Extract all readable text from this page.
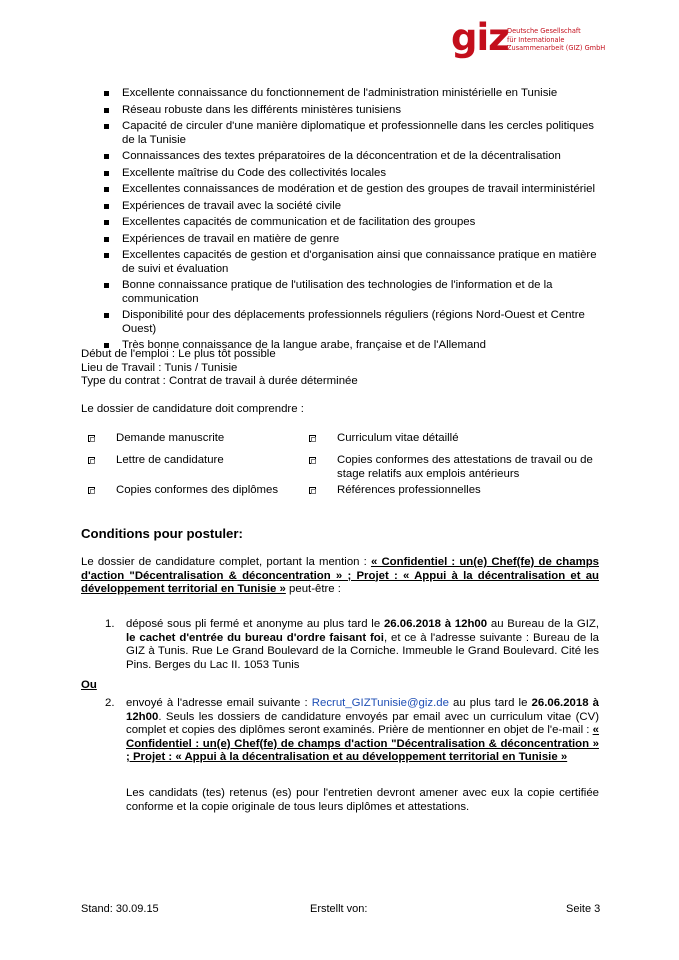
giz
Deutsche Gesellschaft
für Internationale
Zusammenarbeit (GIZ) GmbH
Excellente connaissance du fonctionnement de l'administration ministérielle en Tunisie
Réseau robuste dans les différents ministères tunisiens
Capacité de circuler d'une manière diplomatique et professionnelle dans les cercles politiques de la Tunisie
Connaissances des textes préparatoires de la déconcentration et de la décentralisation
Excellente maîtrise du Code des collectivités locales
Excellentes connaissances de modération et de gestion des groupes de travail interministériel
Expériences de travail avec la société civile
Excellentes capacités de communication et de facilitation des groupes
Expériences de travail en matière de genre
Excellentes capacités de gestion et d'organisation ainsi que connaissance pratique en matière de suivi et évaluation
Bonne connaissance pratique de l'utilisation des technologies de l'information et de la communication
Disponibilité pour des déplacements professionnels réguliers (régions Nord-Ouest et Centre Ouest)
Très bonne connaissance de la langue arabe, française et de l'Allemand
Début de l'emploi : Le plus tôt possible
Lieu de Travail : Tunis / Tunisie
Type du contrat : Contrat de travail à durée déterminée
Le dossier de candidature doit comprendre :
Demande manuscrite	Curriculum vitae détaillé
Lettre de candidature	Copies conformes des attestations de travail ou de
stage relatifs aux emplois antérieurs
Copies conformes des diplômes	Références professionnelles
Conditions pour postuler:
Le dossier de candidature complet, portant la mention : « Confidentiel : un(e) Chef(fe) de champs d'action "Décentralisation & déconcentration » ; Projet : « Appui à la décentralisation et au développement territorial en Tunisie » peut-être :
1. déposé sous pli fermé et anonyme au plus tard le 26.06.2018 à 12h00 au Bureau de la GIZ, le cachet d'entrée du bureau d'ordre faisant foi, et ce à l'adresse suivante : Bureau de la GIZ à Tunis. Rue Le Grand Boulevard de la Corniche. Immeuble le Grand Boulevard. Cité les Pins. Berges du Lac II. 1053 Tunis
Ou
2. envoyé à l'adresse email suivante : Recrut_GIZTunisie@giz.de au plus tard le 26.06.2018 à 12h00. Seuls les dossiers de candidature envoyés par email avec un curriculum vitae (CV) complet et copies des diplômes seront examinés. Prière de mentionner en objet de l'e-mail : « Confidentiel : un(e) Chef(fe) de champs d'action "Décentralisation & déconcentration » ; Projet : « Appui à la décentralisation et au développement territorial en Tunisie »
Les candidats (tes) retenus (es) pour l'entretien devront amener avec eux la copie certifiée conforme et la copie originale de tous leurs diplômes et attestations.
Stand: 30.09.15	Erstellt von:	Seite 3
